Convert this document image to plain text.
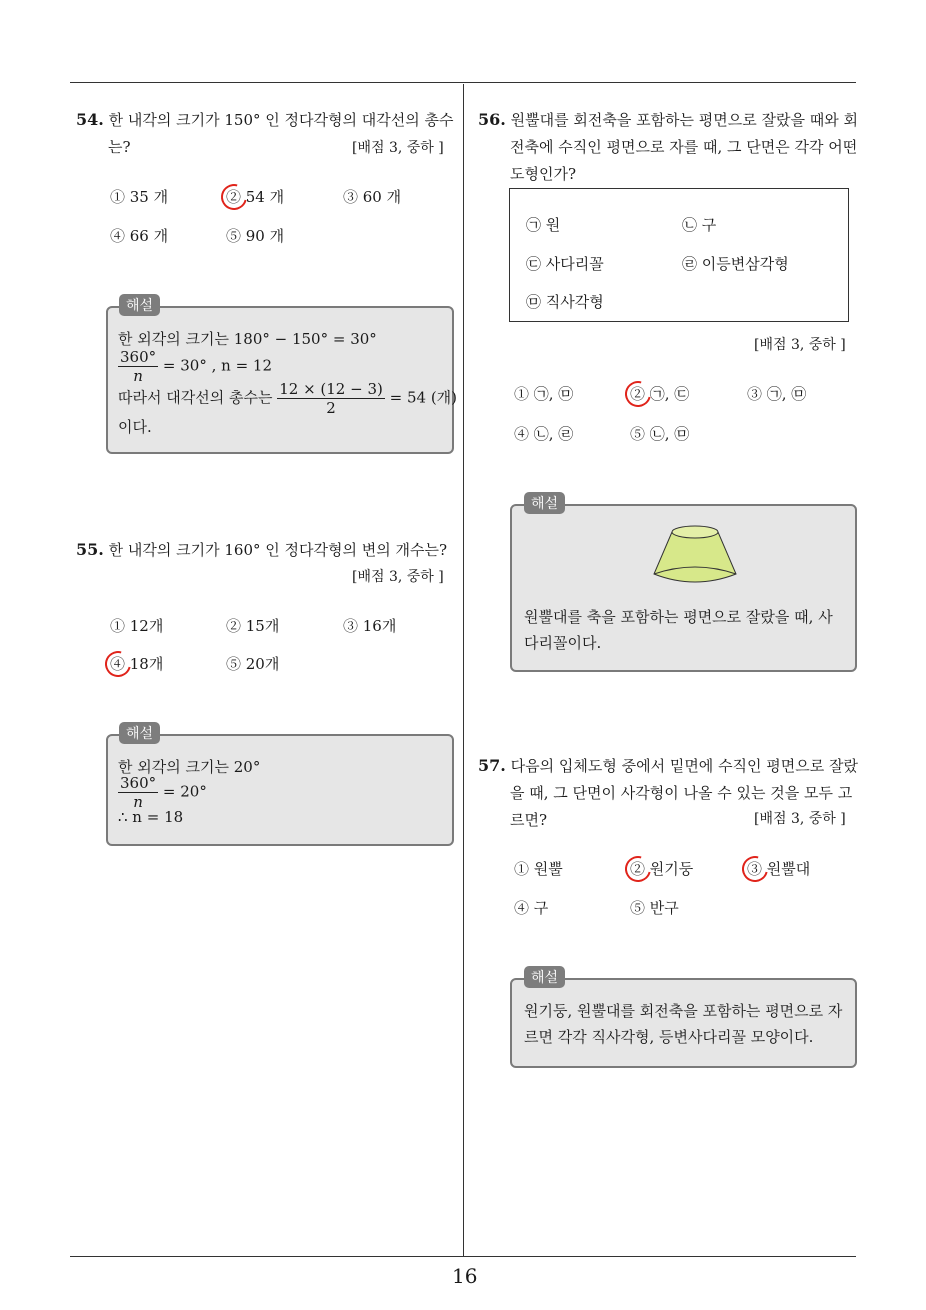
54. 한 내각의 크기가 150° 인 정다각형의 대각선의 총수는?	[배점 3, 중하 ]
① 35 개	② 54 개	③ 60 개
④ 66 개	⑤ 90 개
한 외각의 크기는 180° − 150° = 30°
$\frac{360^\circ}{n} = 30^\circ$ , n = 12
따라서 대각선의 총수는 $\frac{12 \times (12 - 3)}{2} = 54$ (개)
이다.
해설
55. 한 내각의 크기가 160° 인 정다각형의 변의 개수는?
[배점 3, 중하 ]
① 12개	② 15개	③ 16개
④ 18개	⑤ 20개
한 외각의 크기는 20°
$\frac{360^\circ}{n} = 20^\circ$
∴ n = 18
해설
56. 원뿔대를 회전축을 포함하는 평면으로 잘랐을 때와 회전축에 수직인 평면으로 자를 때, 그 단면은 각각 어떤 도형인가?
㉠ 원	㉡ 구
㉢ 사다리꼴	㉣ 이등변삼각형
㉤ 직사각형
[배점 3, 중하 ]
① ㉠, ㉤	② ㉠, ㉢	③ ㉠, ㉤
④ ㉡, ㉣	⑤ ㉡, ㉤
원뿔대를 축을 포함하는 평면으로 잘랐을 때, 사다리꼴이다.
해설
57. 다음의 입체도형 중에서 밑면에 수직인 평면으로 잘랐을 때, 그 단면이 사각형이 나올 수 있는 것을 모두 고르면?	[배점 3, 중하 ]
① 원뿔	② 원기둥	③ 원뿔대
④ 구	⑤ 반구
원기둥, 원뿔대를 회전축을 포함하는 평면으로 자르면 각각 직사각형, 등변사다리꼴 모양이다.
해설
16
